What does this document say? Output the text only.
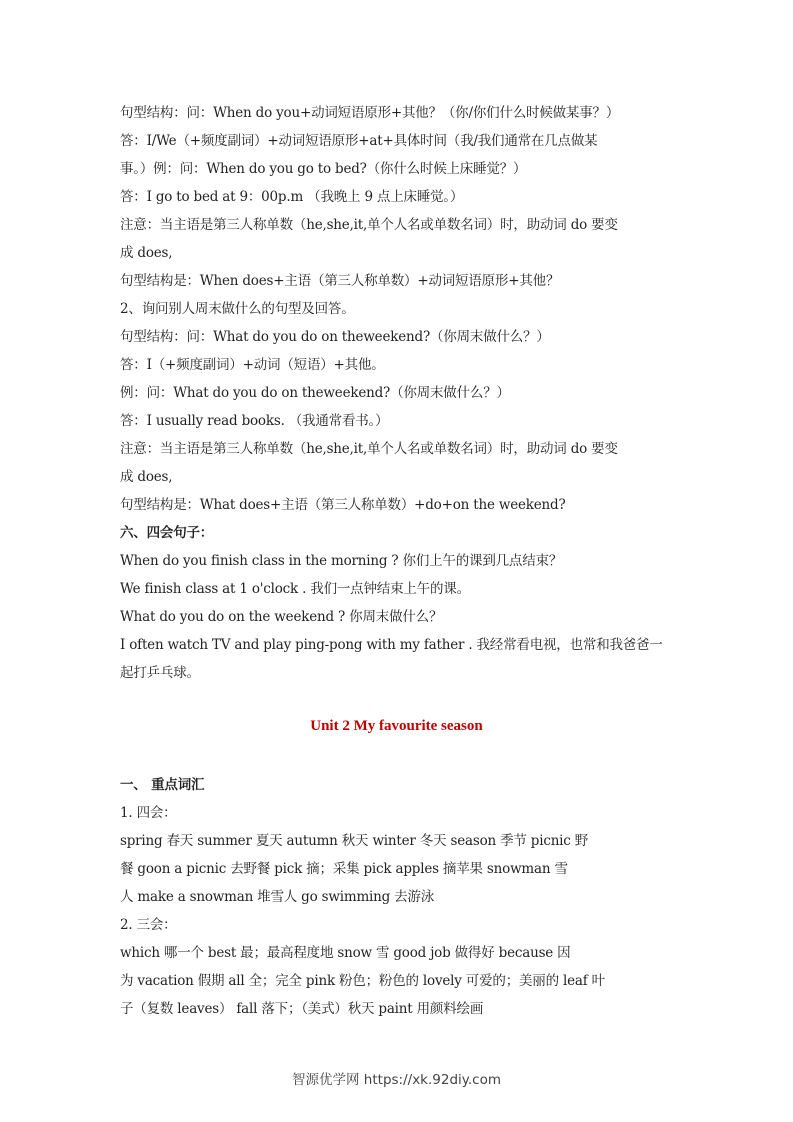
句型结构：问：When do you+动词短语原形+其他？（你/你们什么时候做某事？）
答：I/We（+频度副词）+动词短语原形+at+具体时间（我/我们通常在几点做某
事。）例：问：When do you go to bed?（你什么时候上床睡觉？）
答：I go to bed at 9：00p.m （我晚上 9 点上床睡觉。）
注意：当主语是第三人称单数（he,she,it,单个人名或单数名词）时，助动词 do 要变
成 does,
句型结构是：When does+主语（第三人称单数）+动词短语原形+其他？
2、询问别人周末做什么的句型及回答。
句型结构：问：What do you do on theweekend?（你周末做什么？）
答：I（+频度副词）+动词（短语）+其他。
例：问：What do you do on theweekend?（你周末做什么？）
答：I usually read books. （我通常看书。）
注意：当主语是第三人称单数（he,she,it,单个人名或单数名词）时，助动词 do 要变
成 does,
句型结构是：What does+主语（第三人称单数）+do+on the weekend?
六、四会句子：
When do you finish class in the morning ? 你们上午的课到几点结束？
We finish class at 1 o'clock . 我们一点钟结束上午的课。
What do you do on the weekend ? 你周末做什么？
I often watch TV and play ping-pong with my father . 我经常看电视，也常和我爸爸一
起打乒乓球。
Unit 2 My favourite season
一、 重点词汇
1. 四会：
spring 春天 summer 夏天 autumn 秋天 winter 冬天 season 季节 picnic 野
餐 goon a picnic 去野餐 pick 摘；采集 pick apples 摘苹果 snowman 雪
人 make a snowman 堆雪人 go swimming 去游泳
2. 三会：
which 哪一个 best 最；最高程度地 snow 雪 good job 做得好 because 因
为 vacation 假期 all 全；完全 pink 粉色；粉色的 lovely 可爱的；美丽的 leaf 叶
子（复数 leaves） fall 落下；（美式）秋天 paint 用颜料绘画
智源优学网 https://xk.92diy.com
